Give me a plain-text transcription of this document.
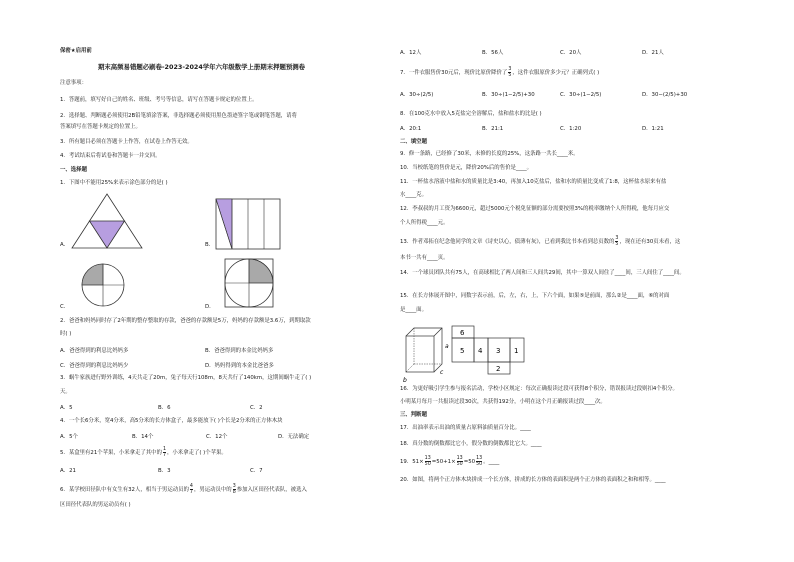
保密★启用前
期末高频易错题必刷卷-2023-2024学年六年级数学上册期末押题预测卷
注意事项：
1．答题前，填写好自己的姓名、班级、考号等信息，请写在答题卡规定的位置上。
2．选择题、判断题必须使用2B铅笔填涂答案，非选择题必须使用黑色墨迹签字笔或钢笔答题，请将
答案填写在答题卡规定的位置上。
3．所有题目必须在答题卡上作答，在试卷上作答无效。
4．考试结束后将试卷和答题卡一并交回。
一、选择题
1．下图中不能用25%来表示涂色部分的是( )
A．	B．
C．	D．
2．爸爸和妈妈同时存了2年期的整存整取的存款，爸爸的存款额是5万，妈妈的存款额是3.6万，到期取款
时( )
A．爸爸得到的利息比妈妈多	B．爸爸得到的本金比妈妈多
C．爸爸得到的利息比妈妈少	D．妈妈得到的本金比爸爸多
3．蜗牛家族进行野外训练，4天共走了20m，兔子每天行108m，8天共行了140km，这期间蜗牛走了( )
天。
A．5	B．6	C．2
4．一个长6分米，宽4分米，高5分米的长方体盒子，最多能放下( )个长是2分米的正方体木块
A．5个	B．14个	C．12个	D．无法确定
5．某盒里有21个苹果，小米拿走了其中的 $\frac{1}{7}$ ，小米拿走了( )个苹果。
A．21	B．3	C．7
6．某学校田径队中有女生有32人，相当于男运动员的 $\frac{4}{7}$ ，男运动员中的 $\frac{3}{8}$ 参加入区田径代表队，被选入
区田径代表队的男运动员有( )
A．12人	B．56人	C．20人	D．21人
7．一件衣服售价30元后，现价比原价降价了 $\frac{3}{5}$ ，这件衣服原价多少元？正确列式( )
A．30÷(2/5)	B．30÷(1−2/5)+30	C．30÷(1−2/5)	D．30−(2/5)+30
8．在100克水中放入5克盐完全溶解后，盐和盐水的比是( )
A．20:1	B．21:1	C．1:20	D．1:21
二、填空题
9．修一条路，已经修了30米，未修的长度的25%，这条路一共长____米。
10．当校纸笔的售价是元，降价20%后的售价是____。
11．一杯盐水溶液中盐和水的质量比是3:40，再加入10克盐后，盐和水的质量比变成了1:8，这杯盐水原来有盐
水____克。
12．李叔叔的月工资为6600元，超过5000元个税免征额的部分需要按照3%的税率缴纳个人所得税，他每月应交
个人所得税____元。
13．作者邓拓在纪念他同学的文章《诗史以心，债薄有灰》，已看到我比书本看到总页数的 $\frac{3}{5}$ ，现在还有30页未看，这
本书一共有____页。
14．一个球员团队共有75人，在高球相比了两人间和三人间共29间，其中一算双人间住了____间，三人间住了____间。
15．在长方体展开图中，同数字表示前，后，左，右，上，下六个面，如果⑤是前面，那么②是____面，⑥的对面
是____面。
a
b
c
6
5 4 3 1
2
16．为更好吸引学生参与报名活动，学校小区规定：每次正确报读过段可获得8个积分，错误报读过段则扣4个积分。
小明某月每月一共报读过段30次，共获得192分，小明在这个月正确报读过段____次。
三、判断题
17．出油率表示出油的质量占原料油质量百分比。____
18．真分数的倒数都比它小，假分数的倒数都比它大。____
19．$51\times \frac{13}{50} =50+1\times \frac{13}{50} =50 \frac{13}{50}$ 。____
20．如图，将两个正方体木块拼成一个长方体，拼成的长方体的表面积是两个正方体的表面积之和和相等。____
